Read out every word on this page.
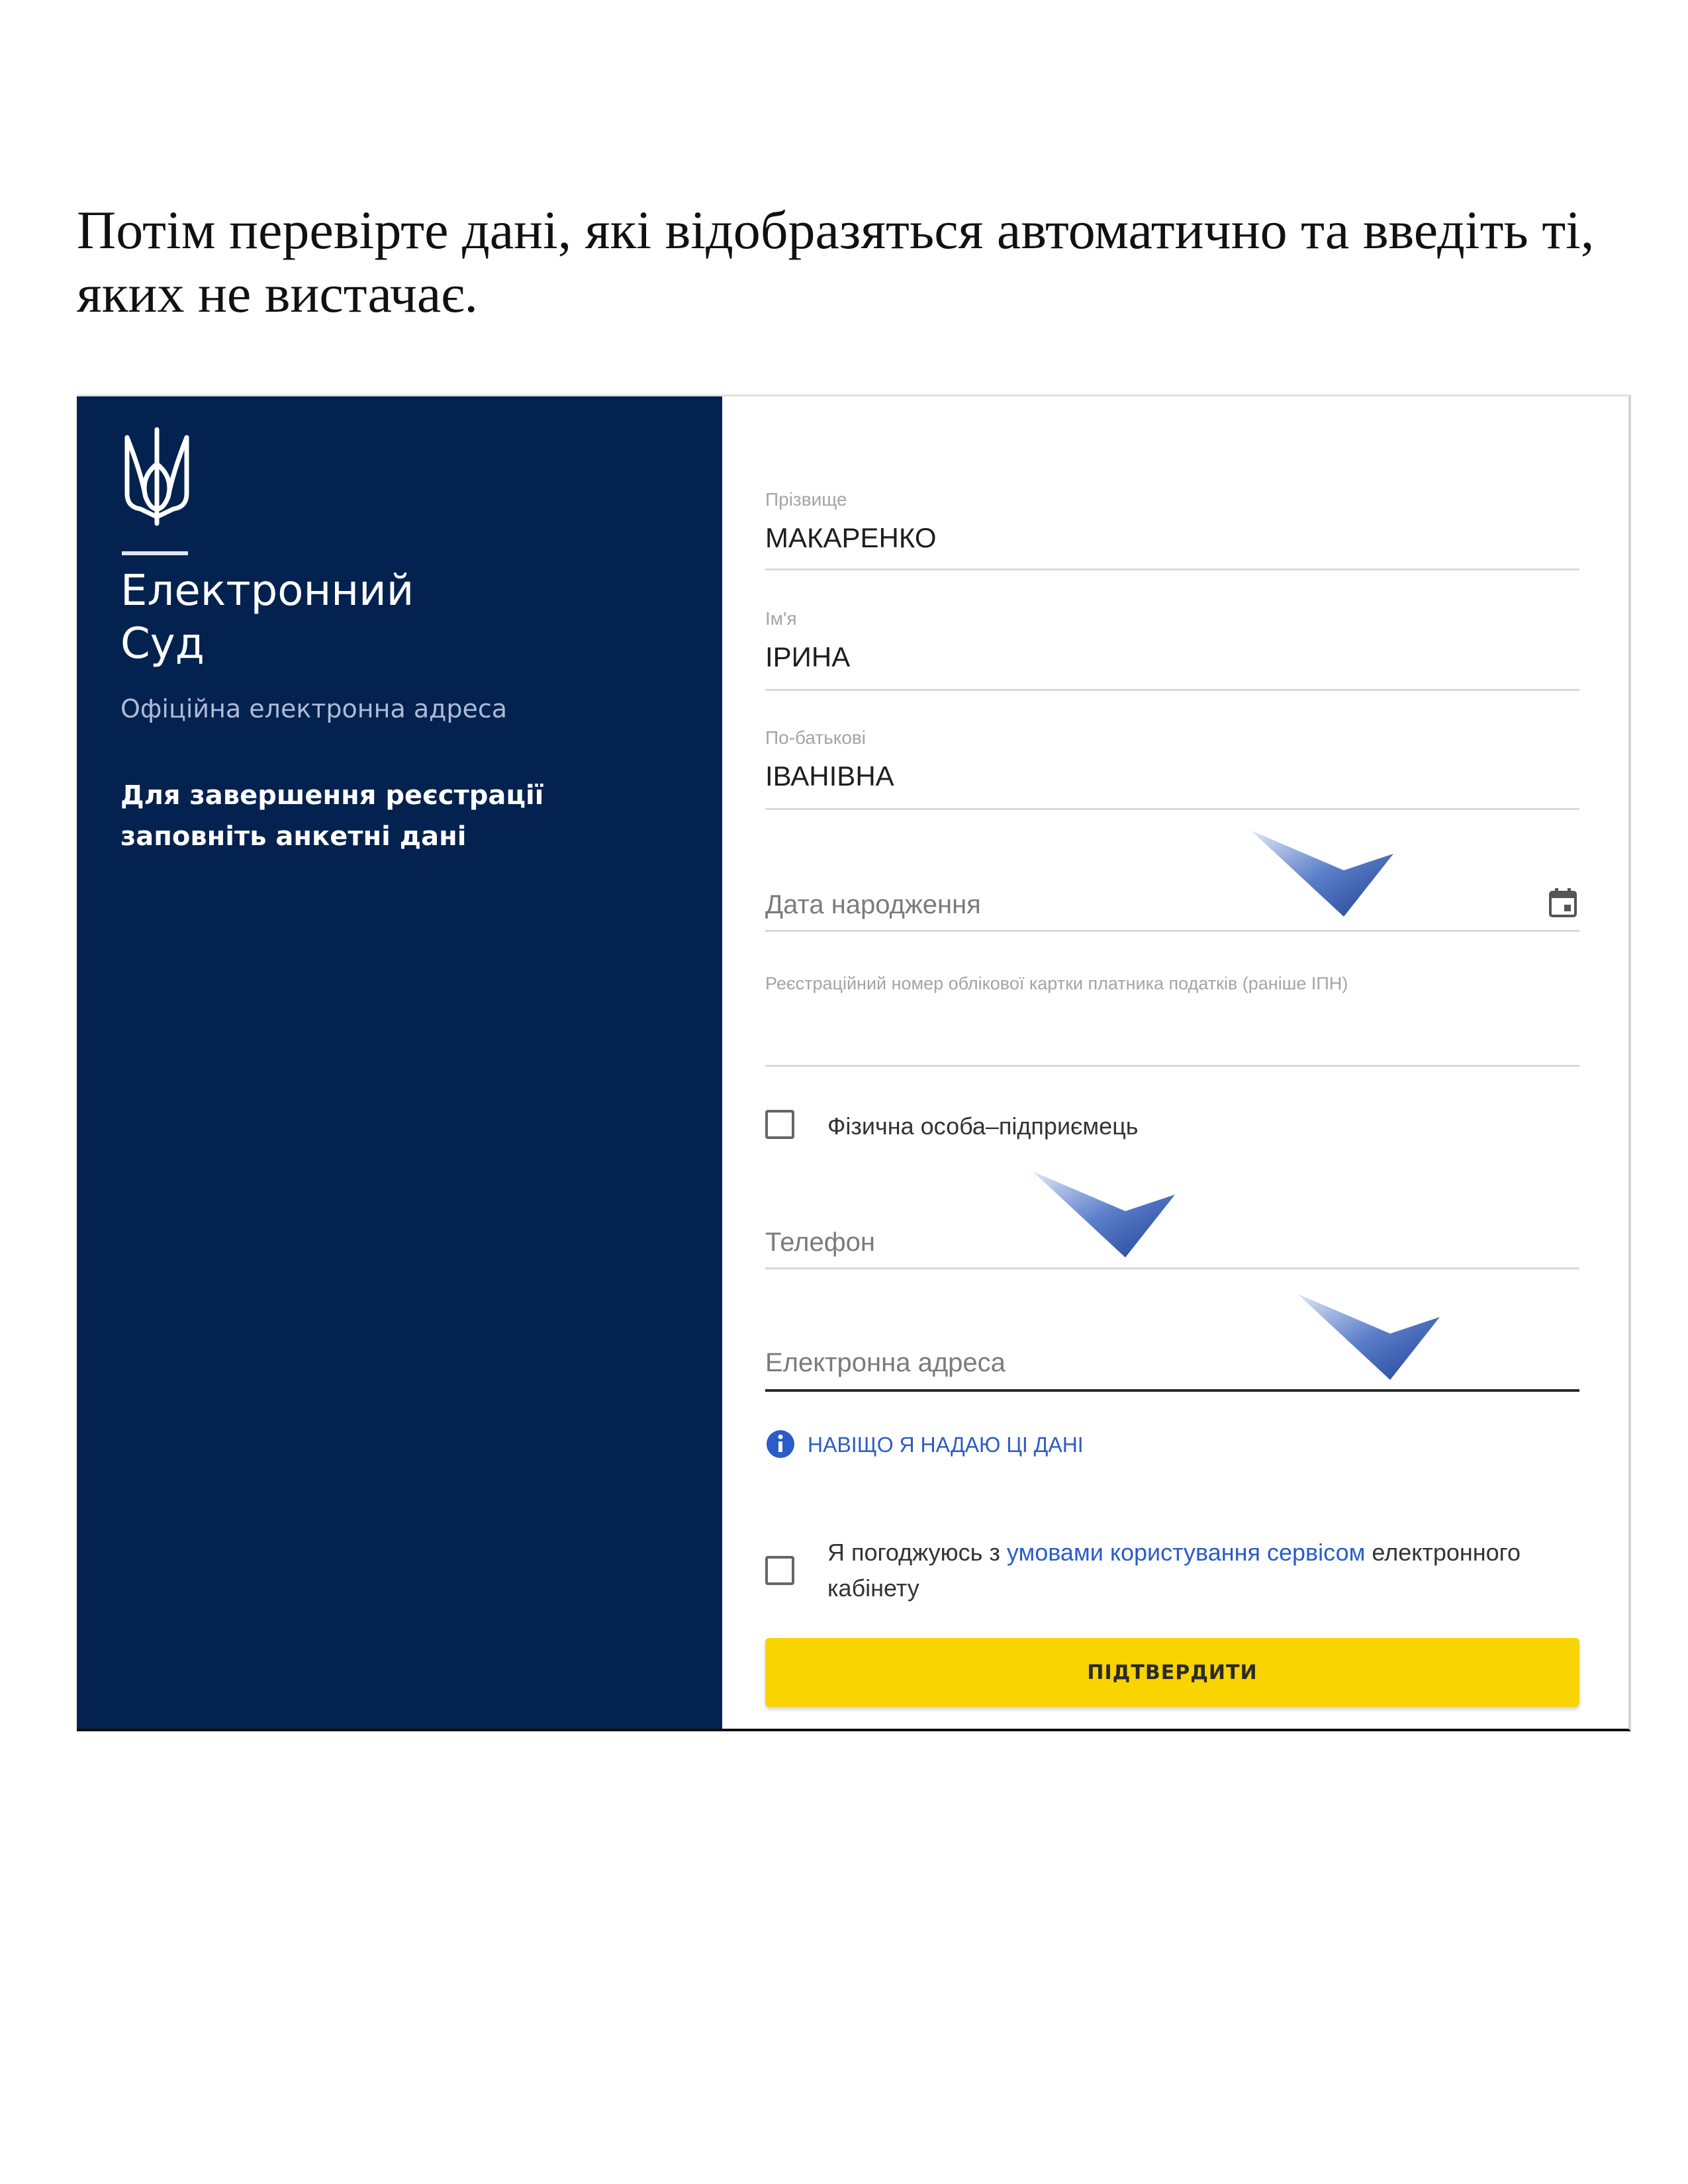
Потім перевірте дані, які відобразяться автоматично та введіть ті, яких не вистачає.

Електронний
Суд
Офіційна електронна адреса
Для завершення реєстрації заповніть анкетні дані
Прізвище
МАКАРЕНКО
Ім'я
ІРИНА
По-батькові
ІВАНІВНА
Дата народження
Реєстраційний номер облікової картки платника податків (раніше ІПН)
Фізична особа–підприємець
Телефон
Електронна адреса
НАВІЩО Я НАДАЮ ЦІ ДАНІ
Я погоджуюсь з умовами користування сервісом електронного кабінету
ПІДТВЕРДИТИ
